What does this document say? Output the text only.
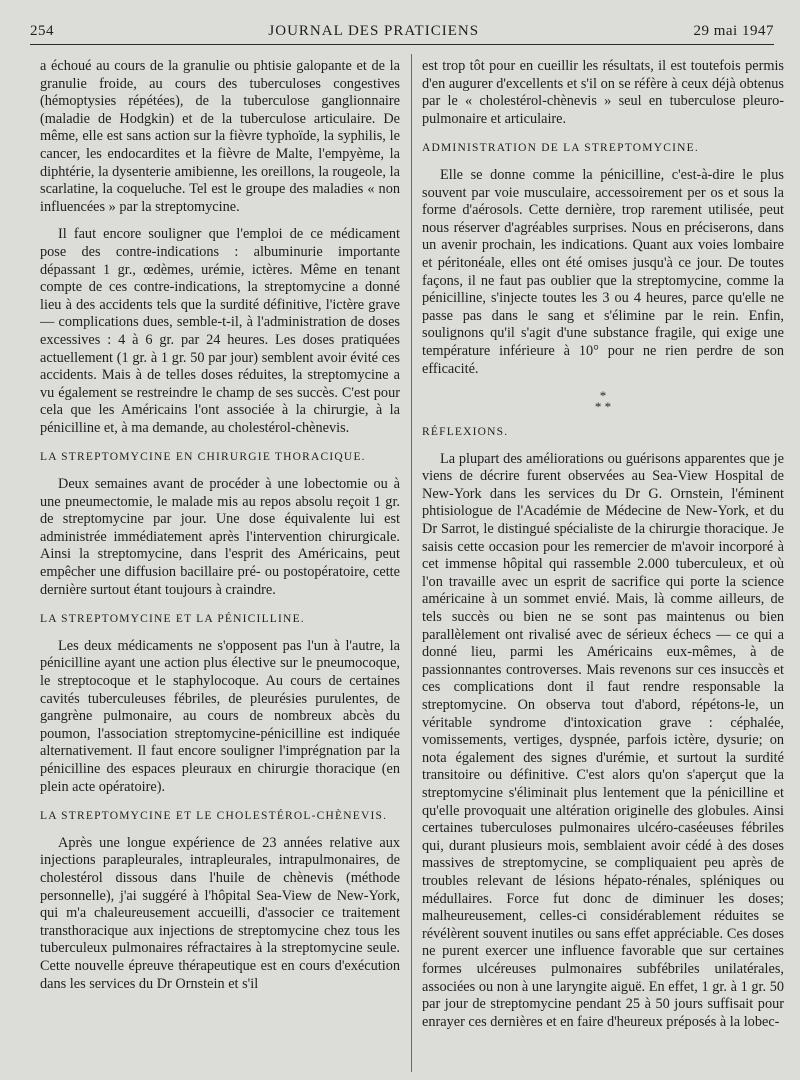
254	JOURNAL DES PRATICIENS	29 mai 1947

a échoué au cours de la granulie ou phtisie galopante et de la granulie froide, au cours des tuberculoses congestives (hémoptysies répétées), de la tuberculose ganglionnaire (maladie de Hodgkin) et de la tuberculose articulaire. De même, elle est sans action sur la fièvre typhoïde, la syphilis, le cancer, les endocardites et la fièvre de Malte, l'empyème, la diphtérie, la dysenterie amibienne, les oreillons, la rougeole, la scarlatine, la coqueluche. Tel est le groupe des maladies « non influencées » par la streptomycine.

Il faut encore souligner que l'emploi de ce médicament pose des contre-indications : albuminurie importante dépassant 1 gr., œdèmes, urémie, ictères. Même en tenant compte de ces contre-indications, la streptomycine a donné lieu à des accidents tels que la surdité définitive, l'ictère grave — complications dues, semble-t-il, à l'administration de doses excessives : 4 à 6 gr. par 24 heures. Les doses pratiquées actuellement (1 gr. à 1 gr. 50 par jour) semblent avoir évité ces accidents. Mais à de telles doses réduites, la streptomycine a vu également se restreindre le champ de ses succès. C'est pour cela que les Américains l'ont associée à la chirurgie, à la pénicilline et, à ma demande, au cholestérol-chènevis.

LA STREPTOMYCINE EN CHIRURGIE THORACIQUE.

Deux semaines avant de procéder à une lobectomie ou à une pneumectomie, le malade mis au repos absolu reçoit 1 gr. de streptomycine par jour. Une dose équivalente lui est administrée immédiatement après l'intervention chirurgicale. Ainsi la streptomycine, dans l'esprit des Américains, peut empêcher une diffusion bacillaire pré- ou postopératoire, cette dernière surtout étant toujours à craindre.

LA STREPTOMYCINE ET LA PÉNICILLINE.

Les deux médicaments ne s'opposent pas l'un à l'autre, la pénicilline ayant une action plus élective sur le pneumocoque, le streptocoque et le staphylocoque. Au cours de certaines cavités tuberculeuses fébriles, de pleurésies purulentes, de gangrène pulmonaire, au cours de nombreux abcès du poumon, l'association streptomycine-pénicilline est indiquée alternativement. Il faut encore souligner l'imprégnation par la pénicilline des espaces pleuraux en chirurgie thoracique (en plein acte opératoire).

LA STREPTOMYCINE ET LE CHOLESTÉROL-CHÈNEVIS.

Après une longue expérience de 23 années relative aux injections parapleurales, intrapleurales, intrapulmonaires, de cholestérol dissous dans l'huile de chènevis (méthode personnelle), j'ai suggéré à l'hôpital Sea-View de New-York, qui m'a chaleureusement accueilli, d'associer ce traitement transthoracique aux injections de streptomycine chez tous les tuberculeux pulmonaires réfractaires à la streptomycine seule. Cette nouvelle épreuve thérapeutique est en cours d'exécution dans les services du Dr Ornstein et s'il

est trop tôt pour en cueillir les résultats, il est toutefois permis d'en augurer d'excellents et s'il on se réfère à ceux déjà obtenus par le « cholestérol-chènevis » seul en tuberculose pleuro-pulmonaire et articulaire.

ADMINISTRATION DE LA STREPTOMYCINE.

Elle se donne comme la pénicilline, c'est-à-dire le plus souvent par voie musculaire, accessoirement per os et sous la forme d'aérosols. Cette dernière, trop rarement utilisée, peut nous réserver d'agréables surprises. Nous en préciserons, dans un avenir prochain, les indications. Quant aux voies lombaire et péritonéale, elles ont été omises jusqu'à ce jour. De toutes façons, il ne faut pas oublier que la streptomycine, comme la pénicilline, s'injecte toutes les 3 ou 4 heures, parce qu'elle ne passe pas dans le sang et s'élimine par le rein. Enfin, soulignons qu'il s'agit d'une substance fragile, qui exige une température inférieure à 10° pour ne rien perdre de son efficacité.

*
* *
RÉFLEXIONS.

La plupart des améliorations ou guérisons apparentes que je viens de décrire furent observées au Sea-View Hospital de New-York dans les services du Dr G. Ornstein, l'éminent phtisiologue de l'Académie de Médecine de New-York, et du Dr Sarrot, le distingué spécialiste de la chirurgie thoracique. Je saisis cette occasion pour les remercier de m'avoir incorporé à cet immense hôpital qui rassemble 2.000 tuberculeux, et où l'on travaille avec un esprit de sacrifice qui porte la science américaine à un sommet envié. Mais, là comme ailleurs, de tels succès ou bien ne se sont pas maintenus ou bien parallèlement ont rivalisé avec de sérieux échecs — ce qui a donné lieu, parmi les Américains eux-mêmes, à de passionnantes controverses. Mais revenons sur ces insuccès et ces complications dont il faut rendre responsable la streptomycine. On observa tout d'abord, répétons-le, un véritable syndrome d'intoxication grave : céphalée, vomissements, vertiges, dyspnée, parfois ictère, dysurie; on nota également des signes d'urémie, et surtout la surdité transitoire ou définitive. C'est alors qu'on s'aperçut que la streptomycine s'éliminait plus lentement que la pénicilline et qu'elle provoquait une altération originelle des globules. Ainsi certaines tuberculoses pulmonaires ulcéro-caséeuses fébriles qui, durant plusieurs mois, semblaient avoir cédé à des doses massives de streptomycine, se compliquaient peu après de troubles relevant de lésions hépato-rénales, spléniques ou médullaires. Force fut donc de diminuer les doses; malheureusement, celles-ci considérablement réduites se révélèrent souvent inutiles ou sans effet appréciable. Ces doses ne purent exercer une influence favorable que sur certaines formes ulcéreuses pulmonaires subfébriles unilatérales, associées ou non à une laryngite aiguë. En effet, 1 gr. à 1 gr. 50 par jour de streptomycine pendant 25 à 50 jours suffisait pour enrayer ces dernières et en faire d'heureux préposés à la lobec-
